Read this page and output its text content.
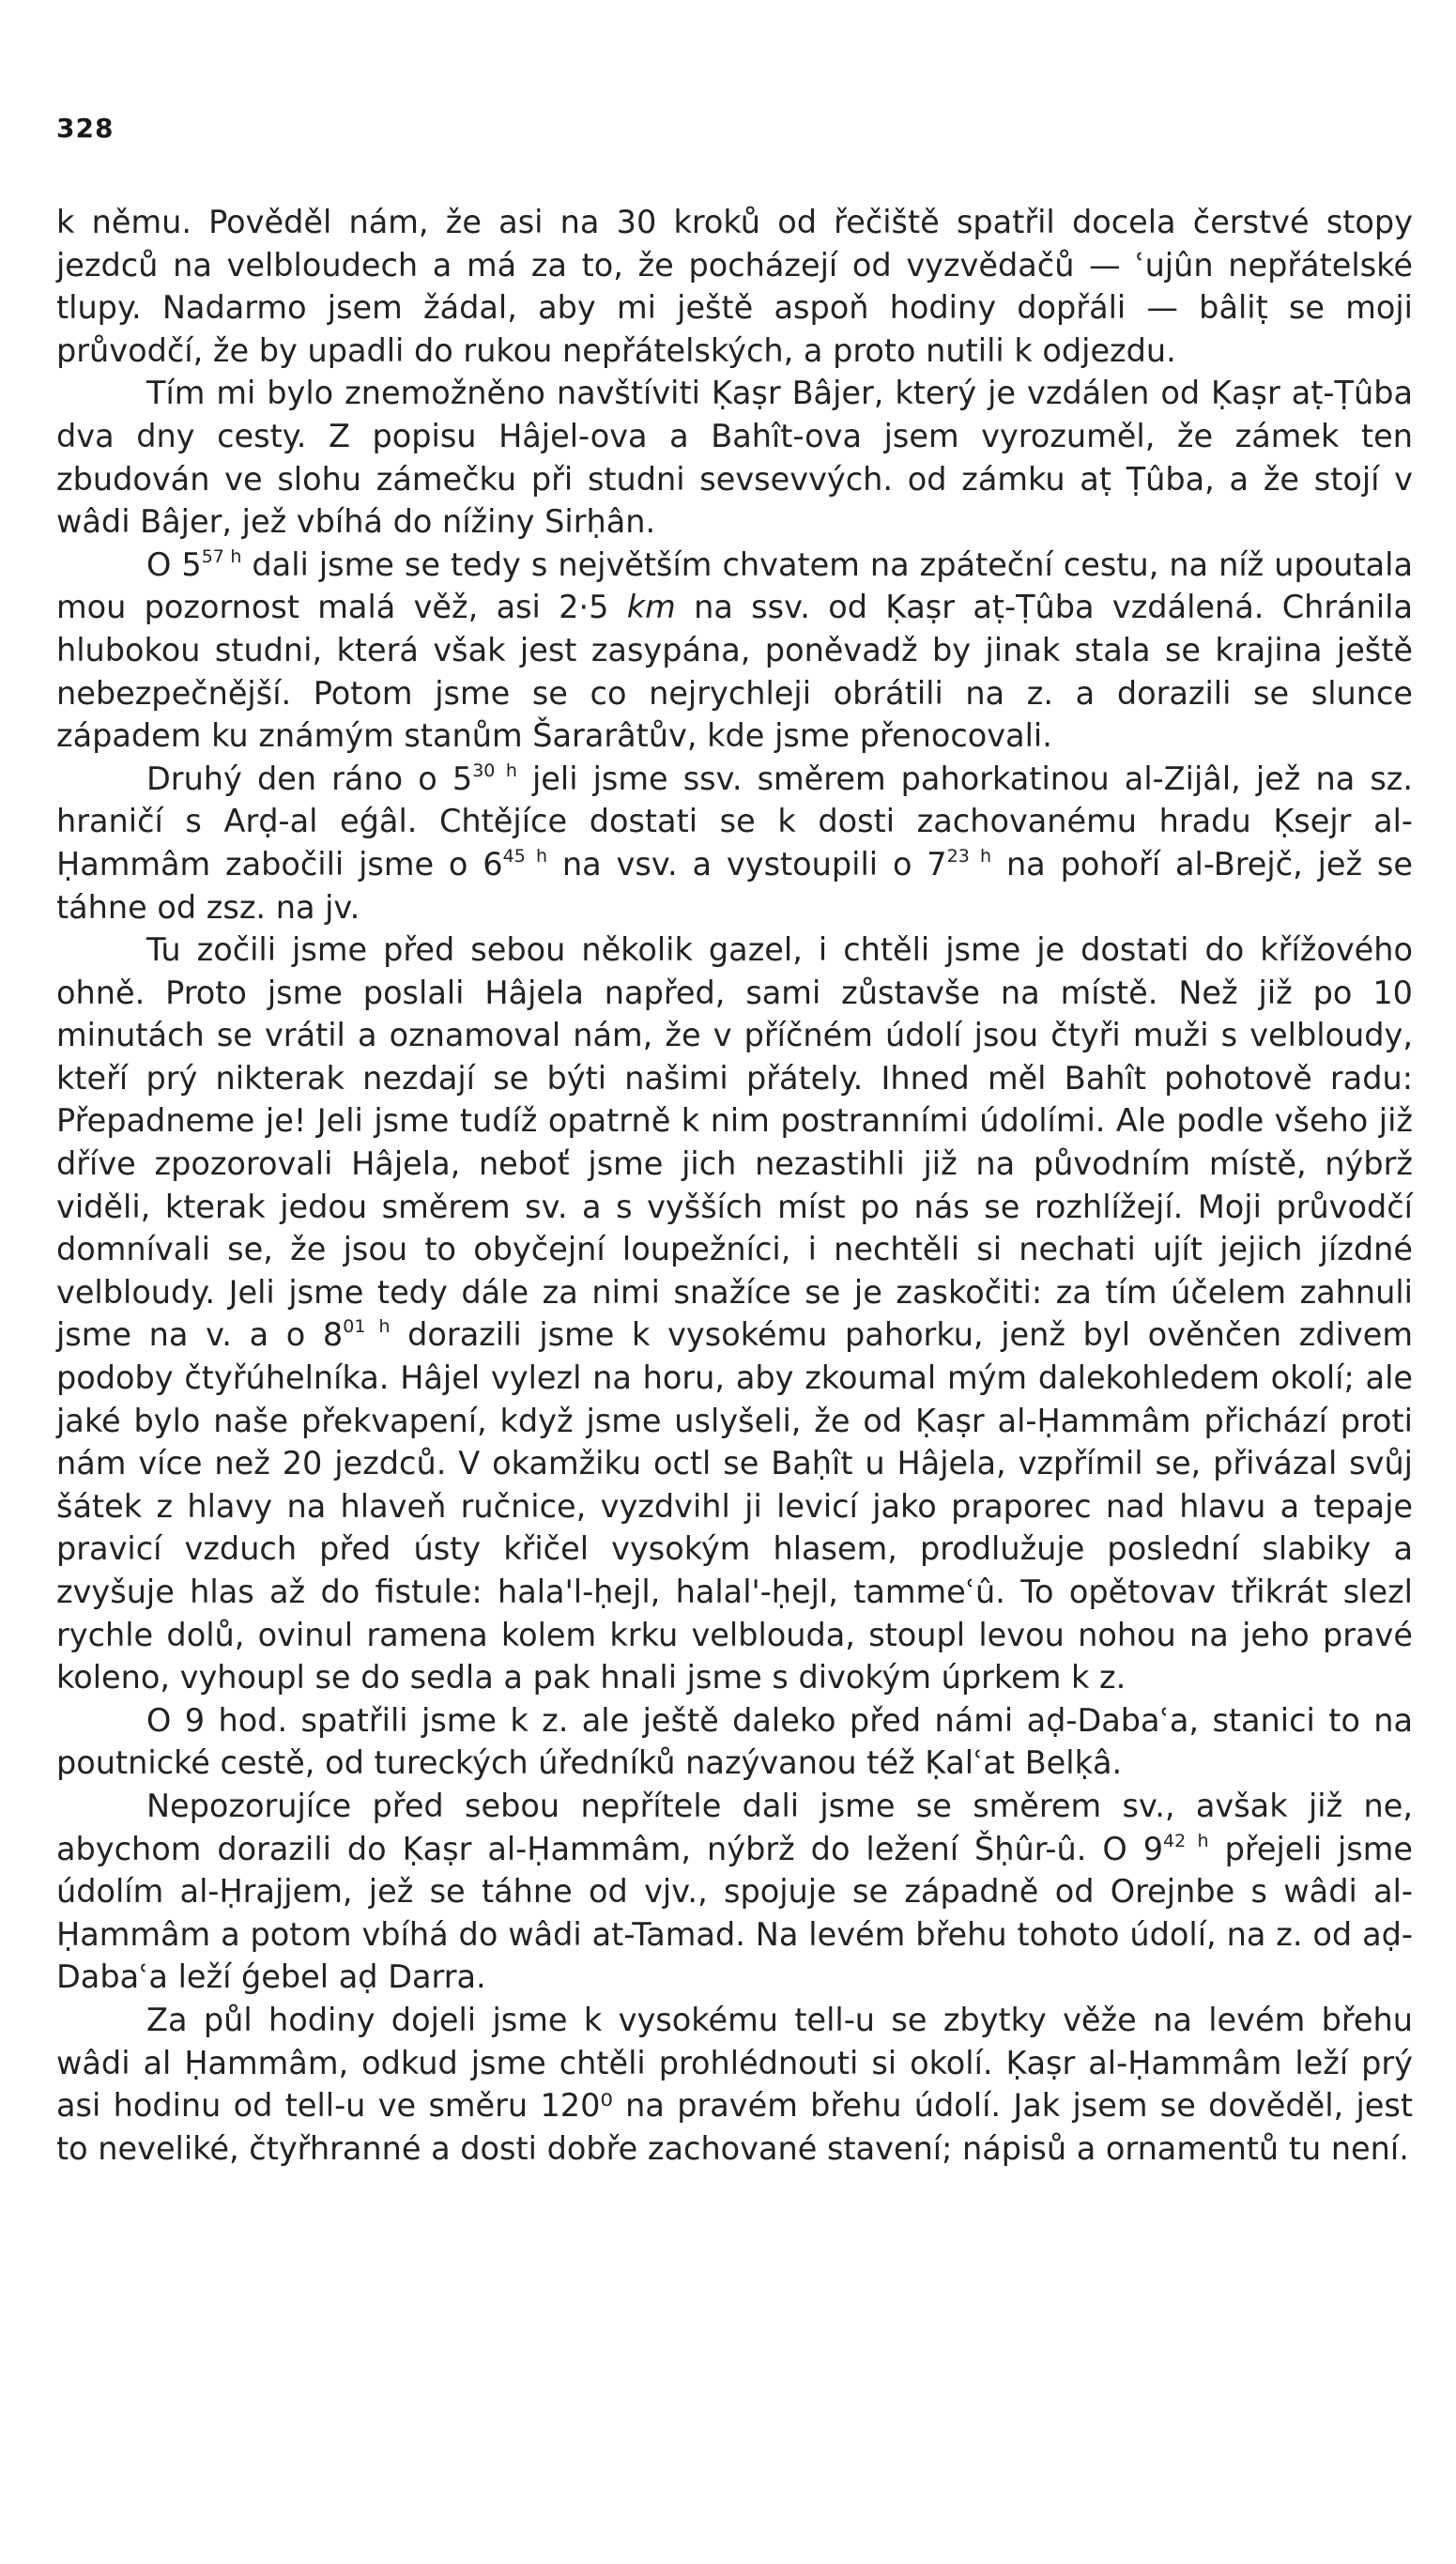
328

k němu. Pověděl nám, že asi na 30 kroků od řečiště spatřil docela čerstvé stopy jezdců na velbloudech a má za to, že pocházejí od vyzvědačů — ʿujûn nepřátelské tlupy. Nadarmo jsem žádal, aby mi ještě aspoň hodiny dopřáli — bâliṭ se moji průvodčí, že by upadli do rukou nepřátelských, a proto nutili k odjezdu.

Tím mi bylo znemožněno navštíviti Ḳaṣr Bâjer, který je vzdálen od Ḳaṣr aṭ-Ṭûba dva dny cesty. Z popisu Hâjel-ova a Bahît-ova jsem vyrozuměl, že zámek ten zbudován ve slohu zámečku při studni sevsevvých. od zámku aṭ Ṭûba, a že stojí v wâdi Bâjer, jež vbíhá do nížiny Sirḥân.

O $5^{57 h}$ dali jsme se tedy s největším chvatem na zpáteční cestu, na níž upoutala mou pozornost malá věž, asi 2·5 km na ssv. od Ḳaṣr aṭ-Ṭûba vzdálená. Chránila hlubokou studni, která však jest zasypána, poněvadž by jinak stala se krajina ještě nebezpečnější. Potom jsme se co nejrychleji obrátili na z. a dorazili se slunce západem ku známým stanům Šararâtův, kde jsme přenocovali.

Druhý den ráno o $5^{30 h}$ jeli jsme ssv. směrem pahorkatinou al-Zijâl, jež na sz. hraničí s Arḍ-al eǵâl. Chtějíce dostati se k dosti zachovanému hradu Ḳsejr al-Ḥammâm zabočili jsme o $6^{45 h}$ na vsv. a vystoupili o $7^{23 h}$ na pohoří al-Brejč, jež se táhne od zsz. na jv.

Tu zočili jsme před sebou několik gazel, i chtěli jsme je dostati do křížového ohně. Proto jsme poslali Hâjela napřed, sami zůstavše na místě. Než již po 10 minutách se vrátil a oznamoval nám, že v příčném údolí jsou čtyři muži s velbloudy, kteří prý nikterak nezdají se býti našimi přátely. Ihned měl Bahît pohotově radu: Přepadneme je! Jeli jsme tudíž opatrně k nim postranními údolími. Ale podle všeho již dříve zpozorovali Hâjela, neboť jsme jich nezastihli již na původním místě, nýbrž viděli, kterak jedou směrem sv. a s vyšších míst po nás se rozhlížejí. Moji průvodčí domnívali se, že jsou to obyčejní loupežníci, i nechtěli si nechati ujít jejich jízdné velbloudy. Jeli jsme tedy dále za nimi snažíce se je zaskočiti: za tím účelem zahnuli jsme na v. a o $8^{01 h}$ dorazili jsme k vysokému pahorku, jenž byl ověnčen zdivem podoby čtyřúhelníka. Hâjel vylezl na horu, aby zkoumal mým dalekohledem okolí; ale jaké bylo naše překvapení, když jsme uslyšeli, že od Ḳaṣr al-Ḥammâm přichází proti nám více než 20 jezdců. V okamžiku octl se Baḥît u Hâjela, vzpřímil se, přivázal svůj šátek z hlavy na hlaveň ručnice, vyzdvihl ji levicí jako praporec nad hlavu a tepaje pravicí vzduch před ústy křičel vysokým hlasem, prodlužuje poslední slabiky a zvyšuje hlas až do fistule: hala'l-ḥejl, halal'-ḥejl, tammeʿû. To opětovav třikrát slezl rychle dolů, ovinul ramena kolem krku velblouda, stoupl levou nohou na jeho pravé koleno, vyhoupl se do sedla a pak hnali jsme s divokým úprkem k z.

O 9 hod. spatřili jsme k z. ale ještě daleko před námi aḍ-Dabaʿa, stanici to na poutnické cestě, od tureckých úředníků nazývanou též Ḳalʿat Belḳâ.

Nepozorujíce před sebou nepřítele dali jsme se směrem sv., avšak již ne, abychom dorazili do Ḳaṣr al-Ḥammâm, nýbrž do ležení Šḥûr-û. O $9^{42 h}$ přejeli jsme údolím al-Ḥrajjem, jež se táhne od vjv., spojuje se západně od Orejnbe s wâdi al-Ḥammâm a potom vbíhá do wâdi at-Tamad. Na levém břehu tohoto údolí, na z. od aḍ-Dabaʿa leží ǵebel aḍ Darra.

Za půl hodiny dojeli jsme k vysokému tell-u se zbytky věže na levém břehu wâdi al Ḥammâm, odkud jsme chtěli prohlédnouti si okolí. Ḳaṣr al-Ḥammâm leží prý asi hodinu od tell-u ve směru 120⁰ na pravém břehu údolí. Jak jsem se dověděl, jest to neveliké, čtyřhranné a dosti dobře zachované stavení; nápisů a ornamentů tu není.
